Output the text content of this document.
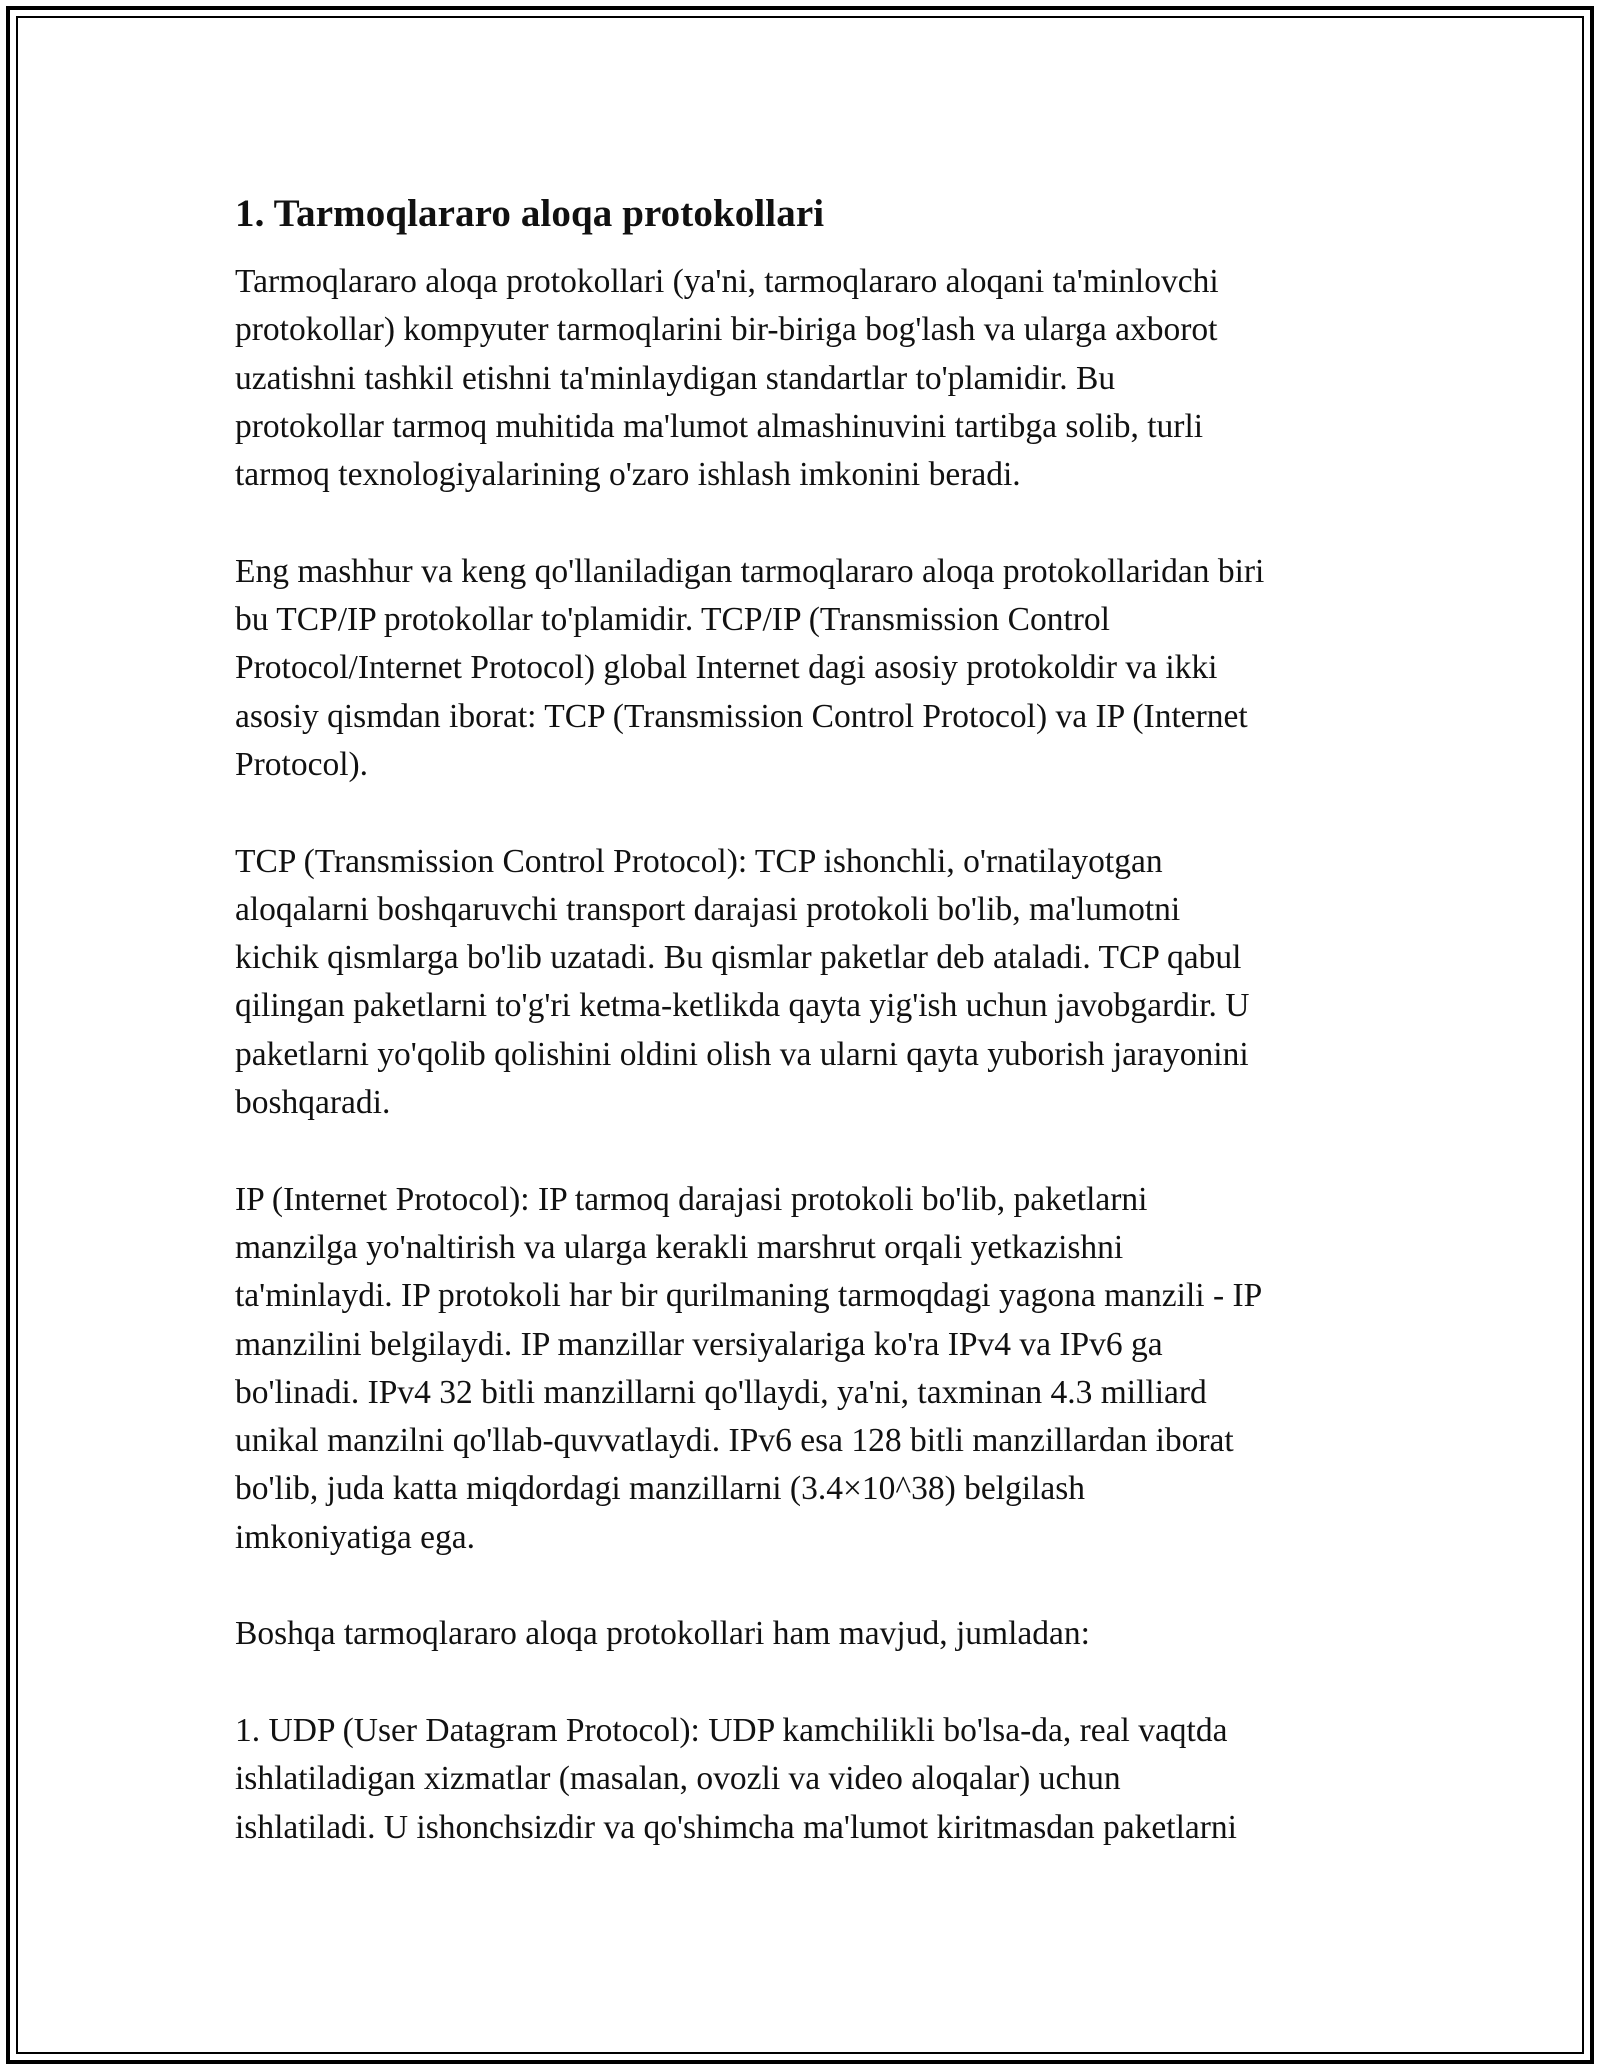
1. Tarmoqlararo aloqa protokollari

Tarmoqlararo aloqa protokollari (ya'ni, tarmoqlararo aloqani ta'minlovchi
protokollar) kompyuter tarmoqlarini bir-biriga bog'lash va ularga axborot
uzatishni tashkil etishni ta'minlaydigan standartlar to'plamidir. Bu
protokollar tarmoq muhitida ma'lumot almashinuvini tartibga solib, turli
tarmoq texnologiyalarining o'zaro ishlash imkonini beradi.

Eng mashhur va keng qo'llaniladigan tarmoqlararo aloqa protokollaridan biri
bu TCP/IP protokollar to'plamidir. TCP/IP (Transmission Control
Protocol/Internet Protocol) global Internet dagi asosiy protokoldir va ikki
asosiy qismdan iborat: TCP (Transmission Control Protocol) va IP (Internet
Protocol).

TCP (Transmission Control Protocol): TCP ishonchli, o'rnatilayotgan
aloqalarni boshqaruvchi transport darajasi protokoli bo'lib, ma'lumotni
kichik qismlarga bo'lib uzatadi. Bu qismlar paketlar deb ataladi. TCP qabul
qilingan paketlarni to'g'ri ketma-ketlikda qayta yig'ish uchun javobgardir. U
paketlarni yo'qolib qolishini oldini olish va ularni qayta yuborish jarayonini
boshqaradi.

IP (Internet Protocol): IP tarmoq darajasi protokoli bo'lib, paketlarni
manzilga yo'naltirish va ularga kerakli marshrut orqali yetkazishni
ta'minlaydi. IP protokoli har bir qurilmaning tarmoqdagi yagona manzili - IP
manzilini belgilaydi. IP manzillar versiyalariga ko'ra IPv4 va IPv6 ga
bo'linadi. IPv4 32 bitli manzillarni qo'llaydi, ya'ni, taxminan 4.3 milliard
unikal manzilni qo'llab-quvvatlaydi. IPv6 esa 128 bitli manzillardan iborat
bo'lib, juda katta miqdordagi manzillarni (3.4×10^38) belgilash
imkoniyatiga ega.

Boshqa tarmoqlararo aloqa protokollari ham mavjud, jumladan:

1. UDP (User Datagram Protocol): UDP kamchilikli bo'lsa-da, real vaqtda
ishlatiladigan xizmatlar (masalan, ovozli va video aloqalar) uchun
ishlatiladi. U ishonchsizdir va qo'shimcha ma'lumot kiritmasdan paketlarni
